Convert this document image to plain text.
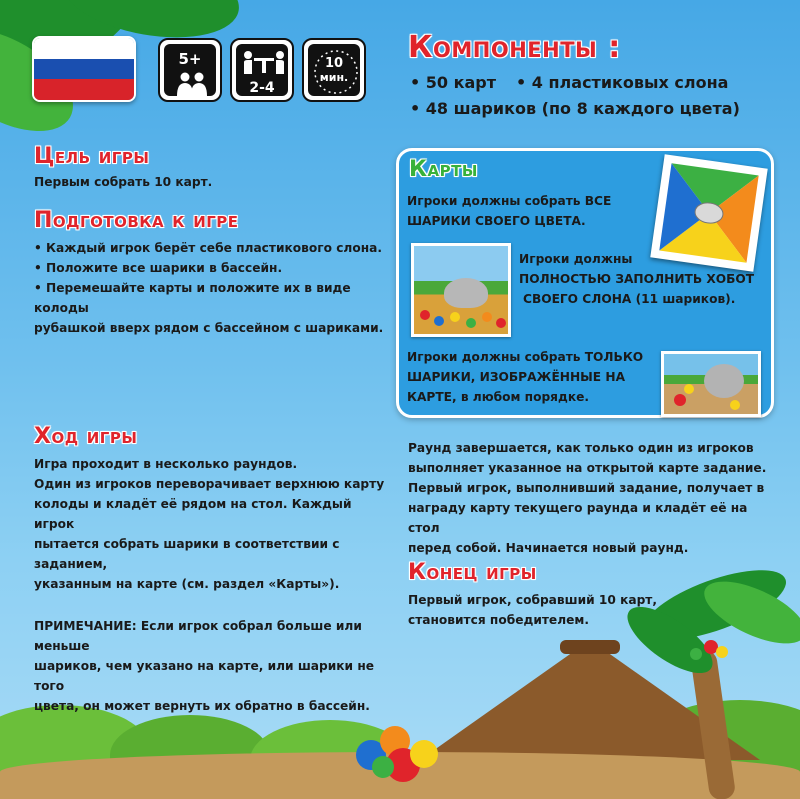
5+
2-4
10
мин.
Компоненты :
• 50 карт • 4 пластиковых слона
• 48 шариков (по 8 каждого цвета)
Цель игры
Первым собрать 10 карт.
Подготовка к игре
• Каждый игрок берёт себе пластикового слона.
• Положите все шарики в бассейн.
• Перемешайте карты и положите их в виде колоды
рубашкой вверх рядом с бассейном с шариками.
Карты
Игроки должны собрать ВСЕ
ШАРИКИ СВОЕГО ЦВЕТА.
Игроки должны
ПОЛНОСТЬЮ ЗАПОЛНИТЬ ХОБОТ
СВОЕГО СЛОНА (11 шариков).
Игроки должны собрать ТОЛЬКО
ШАРИКИ, ИЗОБРАЖЁННЫЕ НА
КАРТЕ, в любом порядке.
Ход игры
Игра проходит в несколько раундов.
Один из игроков переворачивает верхнюю карту
колоды и кладёт её рядом на стол. Каждый игрок
пытается собрать шарики в соответствии с заданием,
указанным на карте (см. раздел «Карты»).
Раунд завершается, как только один из игроков
выполняет указанное на открытой карте задание.
Первый игрок, выполнивший задание, получает в
награду карту текущего раунда и кладёт её на стол
перед собой. Начинается новый раунд.
Конец игры
Первый игрок, собравший 10 карт,
становится победителем.
ПРИМЕЧАНИЕ: Если игрок собрал больше или меньше
шариков, чем указано на карте, или шарики не того
цвета, он может вернуть их обратно в бассейн.
